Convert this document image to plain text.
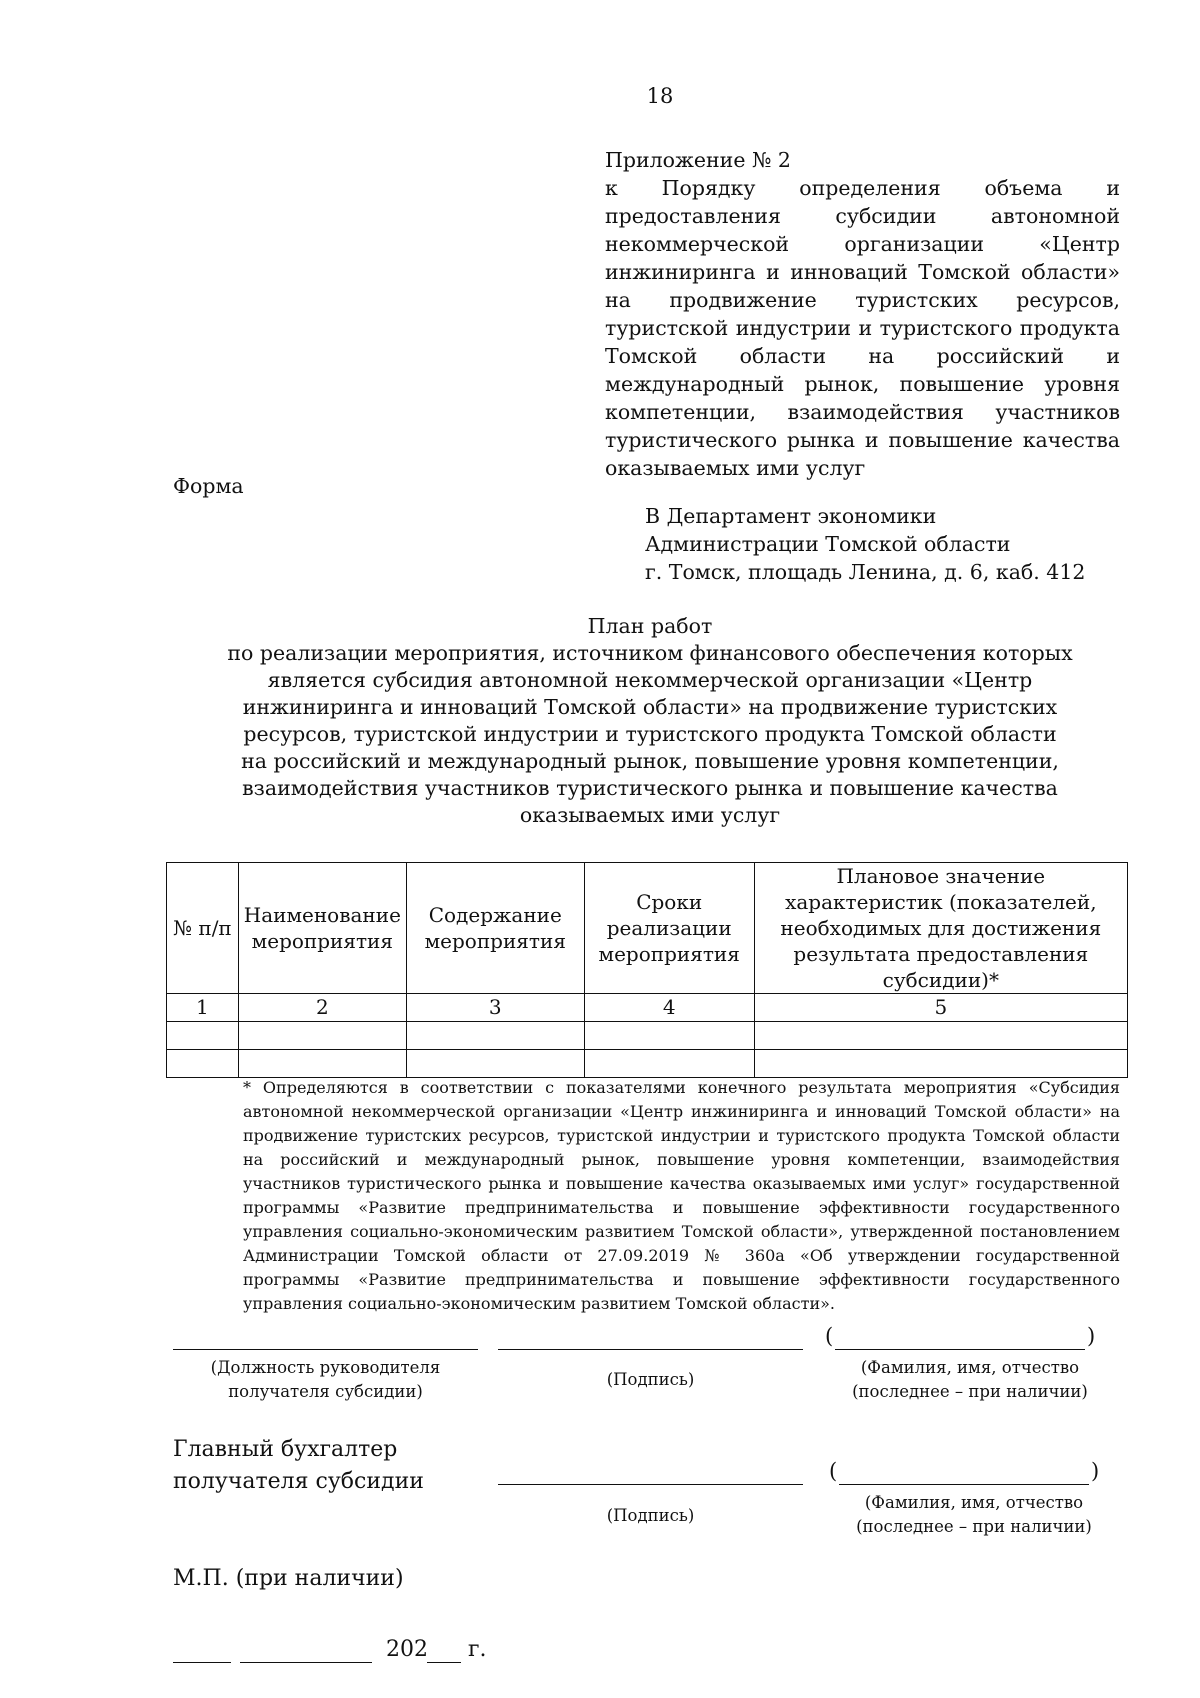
18
Приложение № 2
к Порядку определения объема и предоставления субсидии автономной некоммерческой организации «Центр инжиниринга и инноваций Томской области» на продвижение туристских ресурсов, туристской индустрии и туристского продукта Томской области на российский и международный рынок, повышение уровня компетенции, взаимодействия участников туристического рынка и повышение качества оказываемых ими услуг
Форма
В Департамент экономики
Администрации Томской области
г. Томск, площадь Ленина, д. 6, каб. 412
План работ
по реализации мероприятия, источником финансового обеспечения которых
является субсидия автономной некоммерческой организации «Центр
инжиниринга и инноваций Томской области» на продвижение туристских
ресурсов, туристской индустрии и туристского продукта Томской области
на российский и международный рынок, повышение уровня компетенции,
взаимодействия участников туристического рынка и повышение качества
оказываемых ими услуг
№ п/п	Наименование мероприятия	Содержание мероприятия	Сроки реализации мероприятия	Плановое значение характеристик (показателей, необходимых для достижения результата предоставления субсидии)*
1	2	3	4	5

* Определяются в соответствии с показателями конечного результата мероприятия «Субсидия автономной некоммерческой организации «Центр инжиниринга и инноваций Томской области» на продвижение туристских ресурсов, туристской индустрии и туристского продукта Томской области на российский и международный рынок, повышение уровня компетенции, взаимодействия участников туристического рынка и повышение качества оказываемых ими услуг» государственной программы «Развитие предпринимательства и повышение эффективности государственного управления социально-экономическим развитием Томской области», утвержденной постановлением Администрации Томской области от 27.09.2019 № 360а «Об утверждении государственной программы «Развитие предпринимательства и повышение эффективности государственного управления социально-экономическим развитием Томской области».
(Должность руководителя
получателя субсидии)
(Подпись)
(	)
(Фамилия, имя, отчество
(последнее – при наличии)
Главный бухгалтер
получателя субсидии
(Подпись)
(	)
(Фамилия, имя, отчество
(последнее – при наличии)
М.П. (при наличии)
202 г.
